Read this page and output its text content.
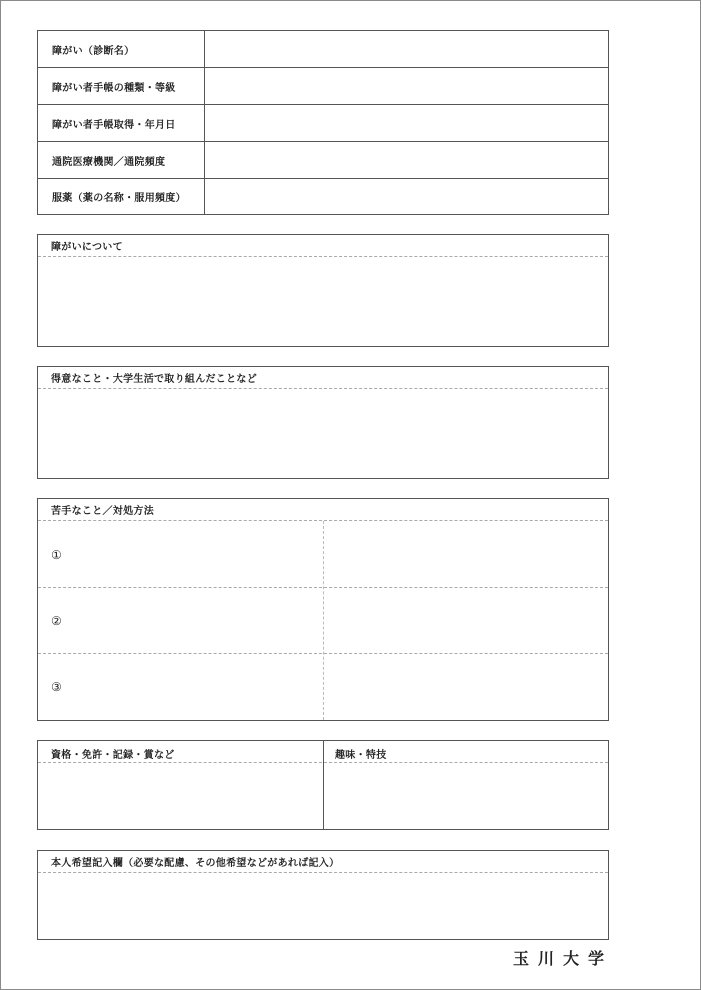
障がい（診断名）
障がい者手帳の種類・等級
障がい者手帳取得・年月日
通院医療機関／通院頻度
服薬（薬の名称・服用頻度）
障がいについて
得意なこと・大学生活で取り組んだことなど
苦手なこと／対処方法
①
②
③
資格・免許・記録・賞など	趣味・特技
本人希望記入欄（必要な配慮、その他希望などがあれば記入）
玉川大学
